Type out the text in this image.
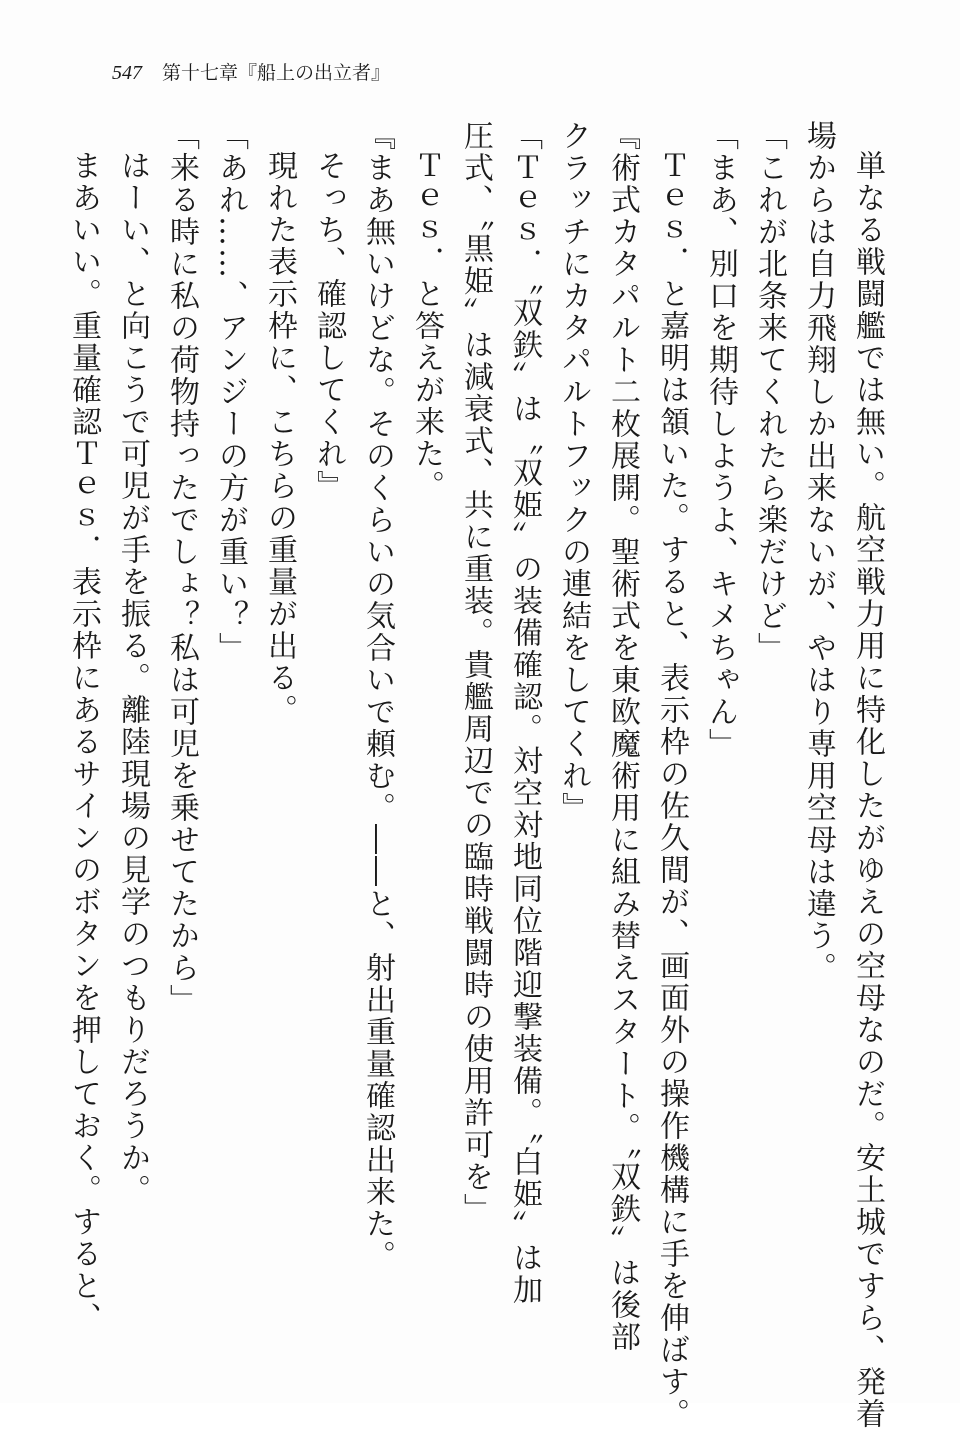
547 第十七章『船上の出立者』

単なる戦闘艦では無い。航空戦力用に特化したがゆえの空母なのだ。安土城ですら、発着

場からは自力飛翔しか出来ないが、やはり専用空母は違う。

「これが北条来てくれたら楽だけど」

「まあ、別口を期待しようよ、キメちゃん」

Ｔｅｓ．と嘉明は頷いた。すると、表示枠の佐久間が、画面外の操作機構に手を伸ばす。

『術式カタパルト二枚展開。聖術式を東欧魔術用に組み替えスタート。〝双鉄〟は後部

クラッチにカタパルトフックの連結をしてくれ』

「Ｔｅｓ．〝双鉄〟は〝双姫〟の装備確認。対空対地同位階迎撃装備。〝白姫〟は加

圧式、〝黒姫〟は減衰式、共に重装。貴艦周辺での臨時戦闘時の使用許可を」

Ｔｅｓ．と答えが来た。

『まあ無いけどな。そのくらいの気合いで頼む。――と、射出重量確認出来た。

そっち、確認してくれ』

現れた表示枠に、こちらの重量が出る。

「あれ……、アンジーの方が重い？」

「来る時に私の荷物持ったでしょ？私は可児を乗せてたから」

はーい、と向こうで可児が手を振る。離陸現場の見学のつもりだろうか。

まあいい。重量確認Ｔｅｓ．表示枠にあるサインのボタンを押しておく。すると、
